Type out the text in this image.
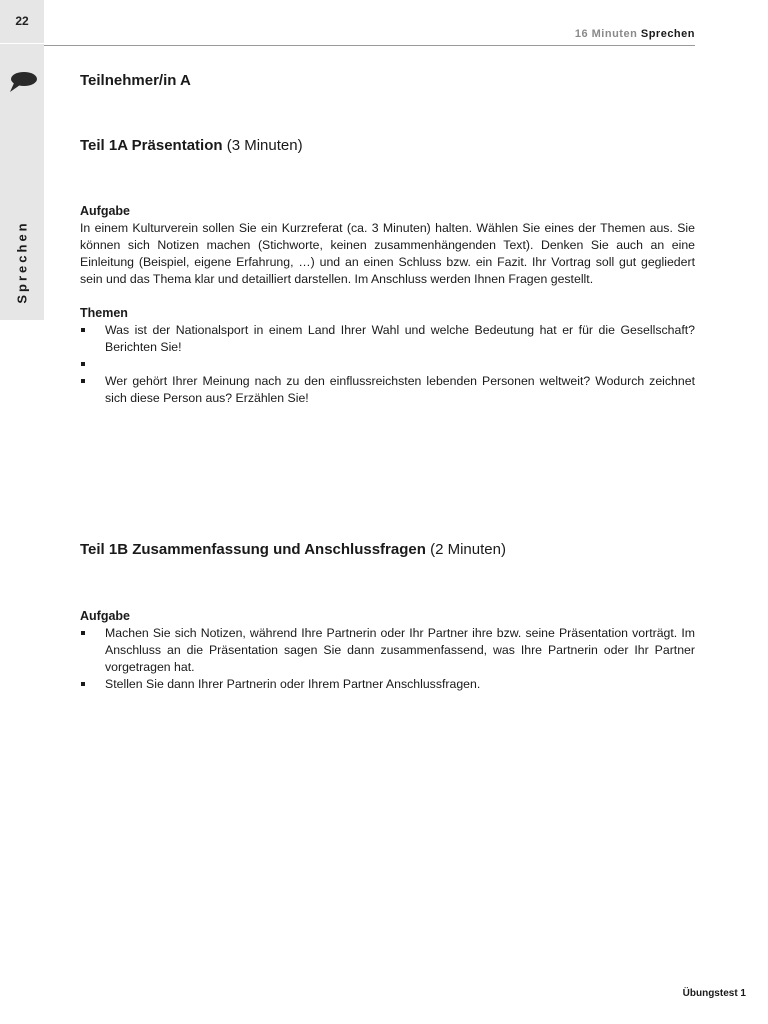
22
Sprechen
16 Minuten Sprechen
Teilnehmer/in A
Teil 1A Präsentation (3 Minuten)
Aufgabe
In einem Kulturverein sollen Sie ein Kurzreferat (ca. 3 Minuten) halten. Wählen Sie eines der Themen aus. Sie können sich Notizen machen (Stichworte, keinen zusammenhängenden Text). Denken Sie auch an eine Einleitung (Beispiel, eigene Erfahrung, …) und an einen Schluss bzw. ein Fazit. Ihr Vortrag soll gut gegliedert sein und das Thema klar und detailliert darstellen. Im Anschluss werden Ihnen Fragen gestellt.
Themen
Was ist der Nationalsport in einem Land Ihrer Wahl und welche Bedeutung hat er für die Gesellschaft? Berichten Sie!
Wer gehört Ihrer Meinung nach zu den einflussreichsten lebenden Personen weltweit? Wodurch zeichnet sich diese Person aus? Erzählen Sie!
Teil 1B Zusammenfassung und Anschlussfragen (2 Minuten)
Aufgabe
Machen Sie sich Notizen, während Ihre Partnerin oder Ihr Partner ihre bzw. seine Präsentation vorträgt. Im Anschluss an die Präsentation sagen Sie dann zusammenfassend, was Ihre Partnerin oder Ihr Partner vorgetragen hat.
Stellen Sie dann Ihrer Partnerin oder Ihrem Partner Anschlussfragen.
Übungstest 1
